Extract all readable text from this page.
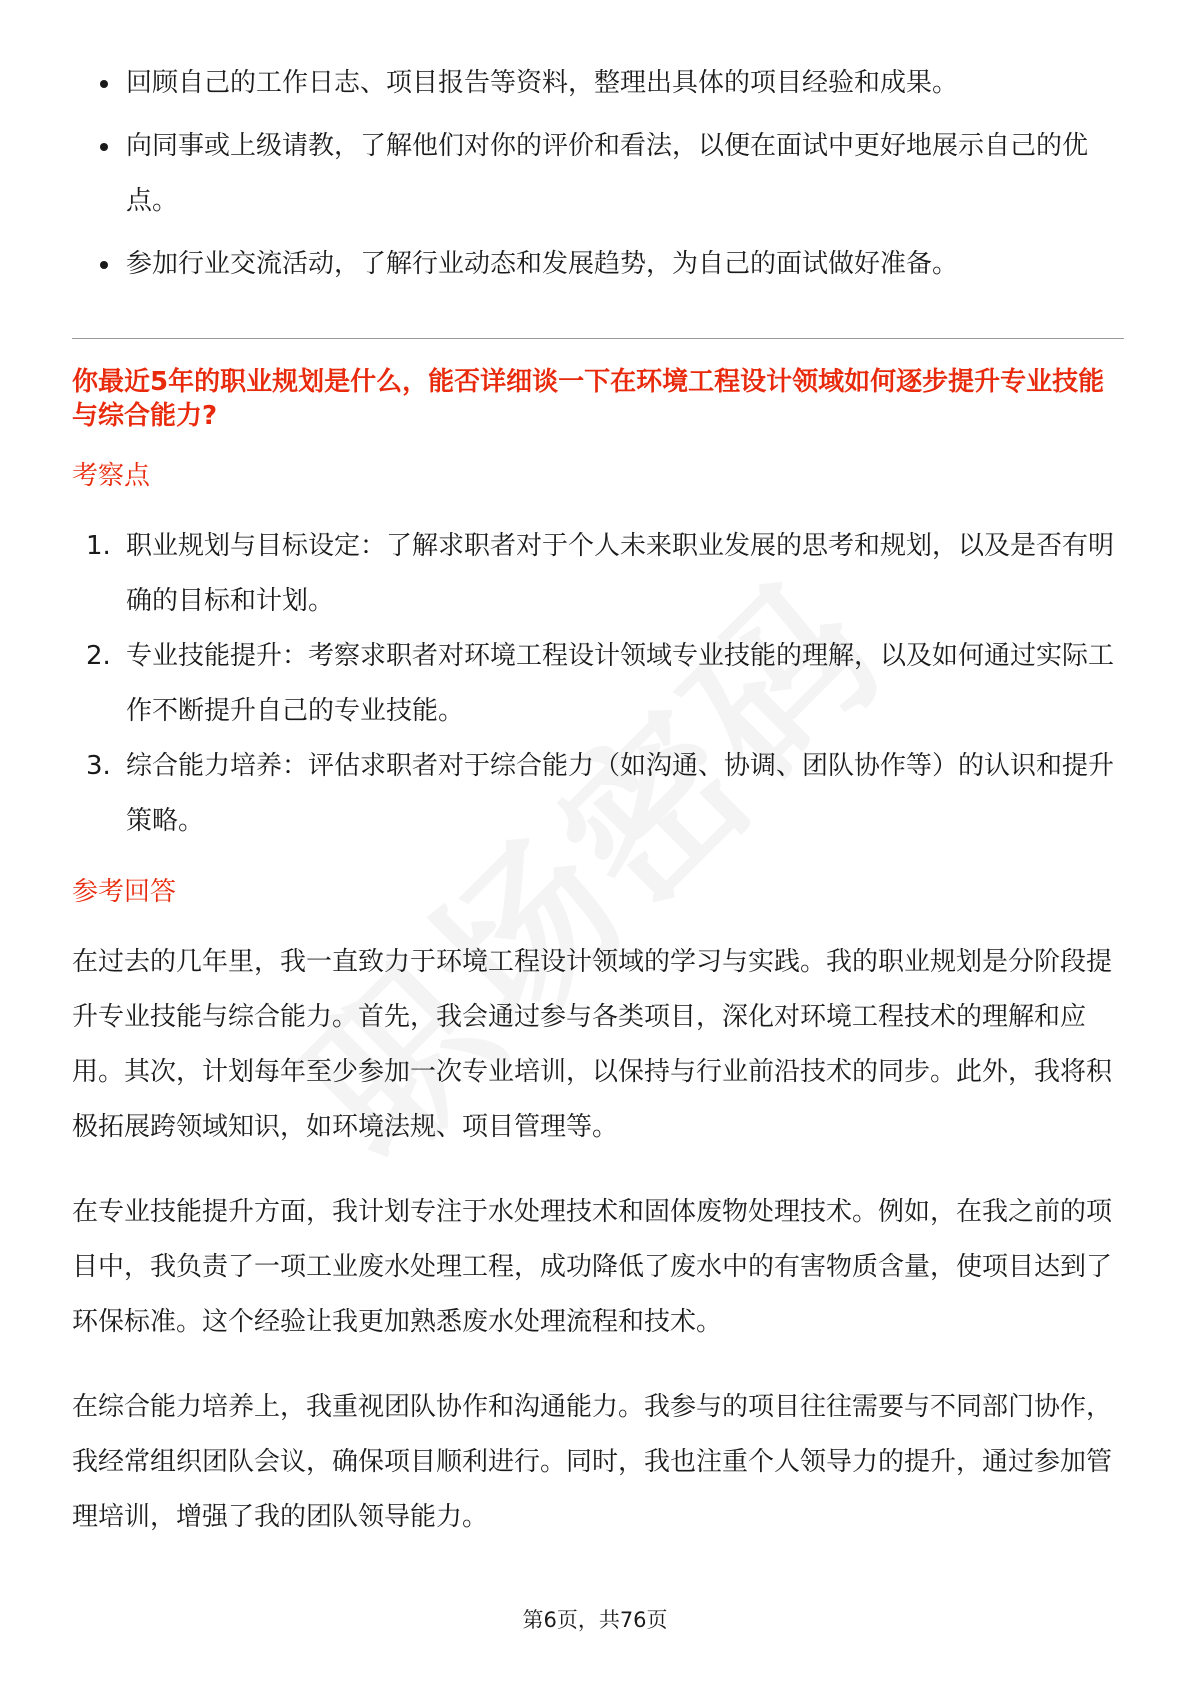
回顾自己的工作日志、项目报告等资料，整理出具体的项目经验和成果。
向同事或上级请教，了解他们对你的评价和看法，以便在面试中更好地展示自己的优点。
参加行业交流活动，了解行业动态和发展趋势，为自己的面试做好准备。
你最近5年的职业规划是什么，能否详细谈一下在环境工程设计领域如何逐步提升专业技能与综合能力?
考察点
1. 职业规划与目标设定：了解求职者对于个人未来职业发展的思考和规划，以及是否有明确的目标和计划。
2. 专业技能提升：考察求职者对环境工程设计领域专业技能的理解，以及如何通过实际工作不断提升自己的专业技能。
3. 综合能力培养：评估求职者对于综合能力（如沟通、协调、团队协作等）的认识和提升策略。
参考回答

在过去的几年里，我一直致力于环境工程设计领域的学习与实践。我的职业规划是分阶段提升专业技能与综合能力。首先，我会通过参与各类项目，深化对环境工程技术的理解和应用。其次，计划每年至少参加一次专业培训，以保持与行业前沿技术的同步。此外，我将积极拓展跨领域知识，如环境法规、项目管理等。

在专业技能提升方面，我计划专注于水处理技术和固体废物处理技术。例如，在我之前的项目中，我负责了一项工业废水处理工程，成功降低了废水中的有害物质含量，使项目达到了环保标准。这个经验让我更加熟悉废水处理流程和技术。

在综合能力培养上，我重视团队协作和沟通能力。我参与的项目往往需要与不同部门协作，我经常组织团队会议，确保项目顺利进行。同时，我也注重个人领导力的提升，通过参加管理培训，增强了我的团队领导能力。

第6页，共76页
